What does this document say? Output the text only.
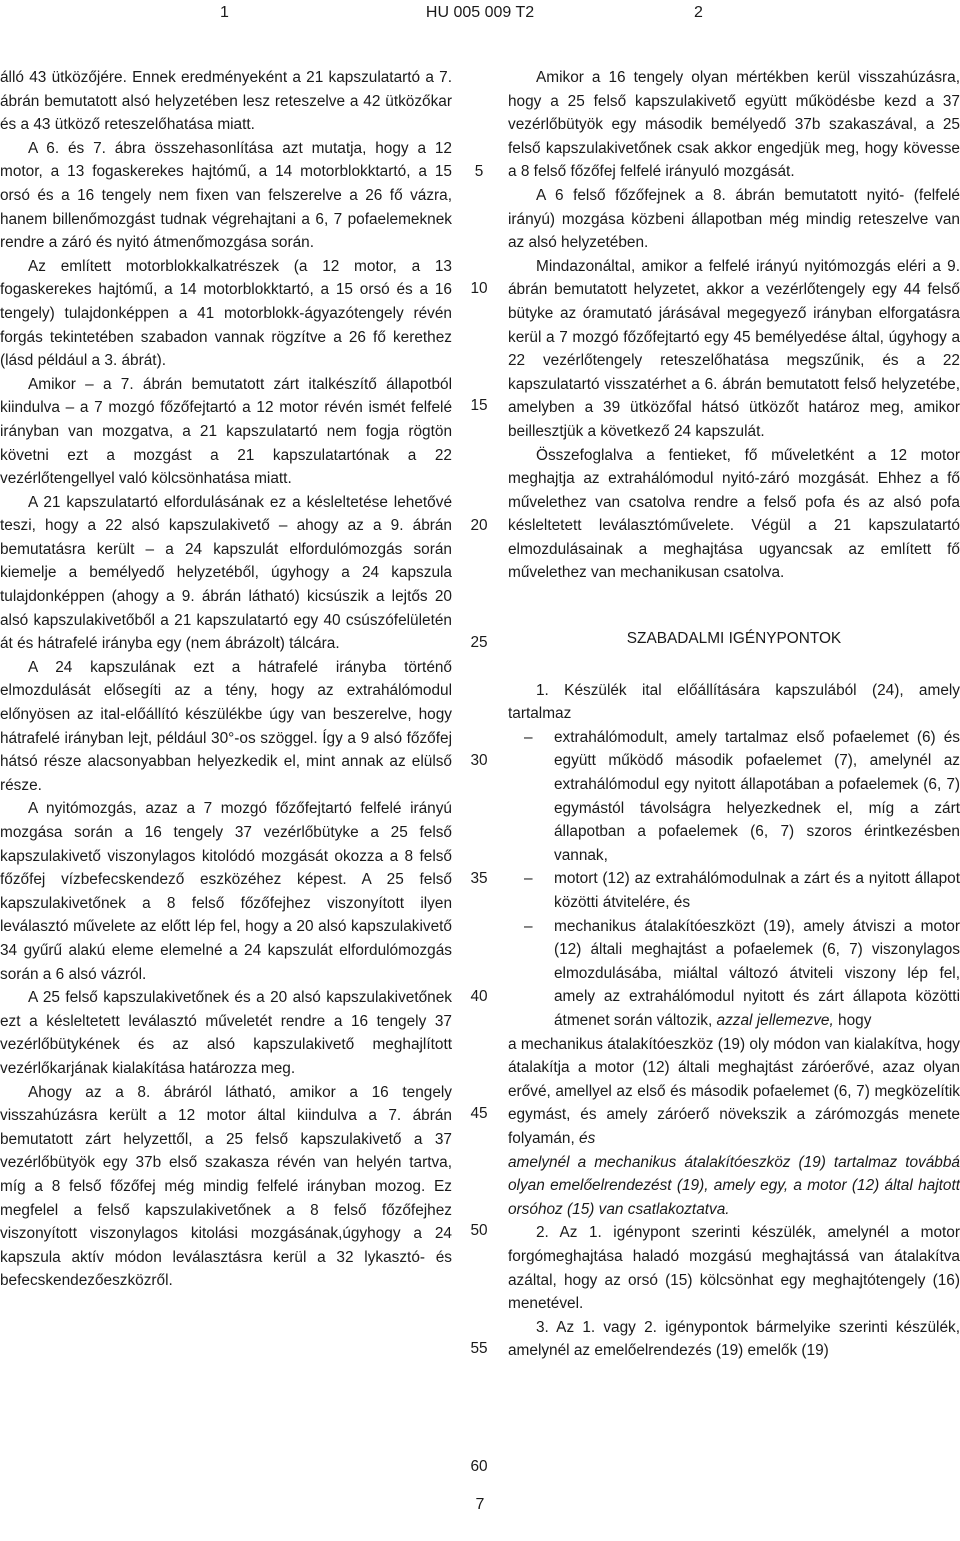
1	HU 005 009 T2	2

álló 43 ütközőjére. Ennek eredményeként a 21 kapszulatartó a 7. ábrán bemutatott alsó helyzetében lesz reteszelve a 42 ütközőkar és a 43 ütköző reteszelőhatása miatt.

A 6. és 7. ábra összehasonlítása azt mutatja, hogy a 12 motor, a 13 fogaskerekes hajtómű, a 14 motorblokktartó, a 15 orsó és a 16 tengely nem fixen van felszerelve a 26 fő vázra, hanem billenőmozgást tudnak végrehajtani a 6, 7 pofaelemeknek rendre a záró és nyitó átmenőmozgása során.

Az említett motorblokkalkatrészek (a 12 motor, a 13 fogaskerekes hajtómű, a 14 motorblokktartó, a 15 orsó és a 16 tengely) tulajdonképpen a 41 motorblokk-ágyazótengely révén forgás tekintetében szabadon vannak rögzítve a 26 fő kerethez (lásd például a 3. ábrát).

Amikor – a 7. ábrán bemutatott zárt italkészítő állapotból kiindulva – a 7 mozgó főzőfejtartó a 12 motor révén ismét felfelé irányban van mozgatva, a 21 kapszulatartó nem fogja rögtön követni ezt a mozgást a 21 kapszulatartónak a 22 vezérlőtengellyel való kölcsönhatása miatt.

A 21 kapszulatartó elfordulásának ez a késleltetése lehetővé teszi, hogy a 22 alsó kapszulakivető – ahogy az a 9. ábrán bemutatásra került – a 24 kapszulát elfordulómozgás során kiemelje a bemélyedő helyzetéből, úgyhogy a 24 kapszula tulajdonképpen (ahogy a 9. ábrán látható) kicsúszik a lejtős 20 alsó kapszulakivetőből a 21 kapszulatartó egy 40 csúszófelületén át és hátrafelé irányba egy (nem ábrázolt) tálcára.

A 24 kapszulának ezt a hátrafelé irányba történő elmozdulását elősegíti az a tény, hogy az extrahálómodul előnyösen az ital-előállító készülékbe úgy van beszerelve, hogy hátrafelé irányban lejt, például 30°-os szöggel. Így a 9 alsó főzőfej hátsó része alacsonyabban helyezkedik el, mint annak az elülső része.

A nyitómozgás, azaz a 7 mozgó főzőfejtartó felfelé irányú mozgása során a 16 tengely 37 vezérlőbütyke a 25 felső kapszulakivető viszonylagos kitolódó mozgását okozza a 8 felső főzőfej vízbefecskendező eszközéhez képest. A 25 felső kapszulakivetőnek a 8 felső főzőfejhez viszonyított ilyen leválasztó művelete az előtt lép fel, hogy a 20 alsó kapszulakivető 34 gyűrű alakú eleme elemelné a 24 kapszulát elfordulómozgás során a 6 alsó vázról.

A 25 felső kapszulakivetőnek és a 20 alsó kapszulakivetőnek ezt a késleltetett leválasztó műveletét rendre a 16 tengely 37 vezérlőbütykének és az alsó kapszulakivető meghajlított vezérlőkarjának kialakítása határozza meg.

Ahogy az a 8. ábráról látható, amikor a 16 tengely visszahúzásra került a 12 motor által kiindulva a 7. ábrán bemutatott zárt helyzettől, a 25 felső kapszulakivető a 37 vezérlőbütyök egy 37b első szakasza révén van helyén tartva, míg a 8 felső főzőfej még mindig felfelé irányban mozog. Ez megfelel a felső kapszulakivetőnek a 8 felső főzőfejhez viszonyított viszonylagos kitolási mozgásának,úgyhogy a 24 kapszula aktív módon leválasztásra kerül a 32 lykasztó- és befecskendezőeszközről.

5
10
15
20
25
30
35
40
45
50
55
60

Amikor a 16 tengely olyan mértékben kerül visszahúzásra, hogy a 25 felső kapszulakivető együtt működésbe kezd a 37 vezérlőbütyök egy második bemélyedő 37b szakaszával, a 25 felső kapszulakivetőnek csak akkor engedjük meg, hogy kövesse a 8 felső főzőfej felfelé irányuló mozgását.

A 6 felső főzőfejnek a 8. ábrán bemutatott nyitó- (felfelé irányú) mozgása közbeni állapotban még mindig reteszelve van az alsó helyzetében.

Mindazonáltal, amikor a felfelé irányú nyitómozgás eléri a 9. ábrán bemutatott helyzetet, akkor a vezérlőtengely egy 44 felső bütyke az óramutató járásával megegyező irányban elforgatásra kerül a 7 mozgó főzőfejtartó egy 45 bemélyedése által, úgyhogy a 22 vezérlőtengely reteszelőhatása megszűnik, és a 22 kapszulatartó visszatérhet a 6. ábrán bemutatott felső helyzetébe, amelyben a 39 ütközőfal hátsó ütközőt határoz meg, amikor beillesztjük a következő 24 kapszulát.

Összefoglalva a fentieket, fő műveletként a 12 motor meghajtja az extrahálómodul nyitó-záró mozgását. Ehhez a fő művelethez van csatolva rendre a felső pofa és az alsó pofa késleltetett leválasztóművelete. Végül a 21 kapszulatartó elmozdulásainak a meghajtása ugyancsak az említett fő művelethez van mechanikusan csatolva.

SZABADALMI IGÉNYPONTOK

1. Készülék ital előállítására kapszulából (24), amely tartalmaz

– extrahálómodult, amely tartalmaz első pofaelemet (6) és együtt működő második pofaelemet (7), amelynél az extrahálómodul egy nyitott állapotában a pofaelemek (6, 7) egymástól távolságra helyezkednek el, míg a zárt állapotban a pofaelemek (6, 7) szoros érintkezésben vannak,

– motort (12) az extrahálómodulnak a zárt és a nyitott állapot közötti átvitelére, és

– mechanikus átalakítóeszközt (19), amely átviszi a motor (12) általi meghajtást a pofaelemek (6, 7) viszonylagos elmozdulásába, miáltal változó átviteli viszony lép fel, amely az extrahálómodul nyitott és zárt állapota közötti átmenet során változik, azzal jellemezve, hogy

a mechanikus átalakítóeszköz (19) oly módon van kialakítva, hogy átalakítja a motor (12) általi meghajtást záróerővé, azaz olyan erővé, amellyel az első és második pofaelemet (6, 7) megközelítik egymást, és amely záróerő növekszik a zárómozgás menete folyamán, és

amelynél a mechanikus átalakítóeszköz (19) tartalmaz továbbá olyan emelőelrendezést (19), amely egy, a motor (12) által hajtott orsóhoz (15) van csatlakoztatva.

2. Az 1. igénypont szerinti készülék, amelynél a motor forgómeghajtása haladó mozgású meghajtássá van átalakítva azáltal, hogy az orsó (15) kölcsönhat egy meghajtótengely (16) menetével.

3. Az 1. vagy 2. igénypontok bármelyike szerinti készülék, amelynél az emelőelrendezés (19) emelők (19)

7
